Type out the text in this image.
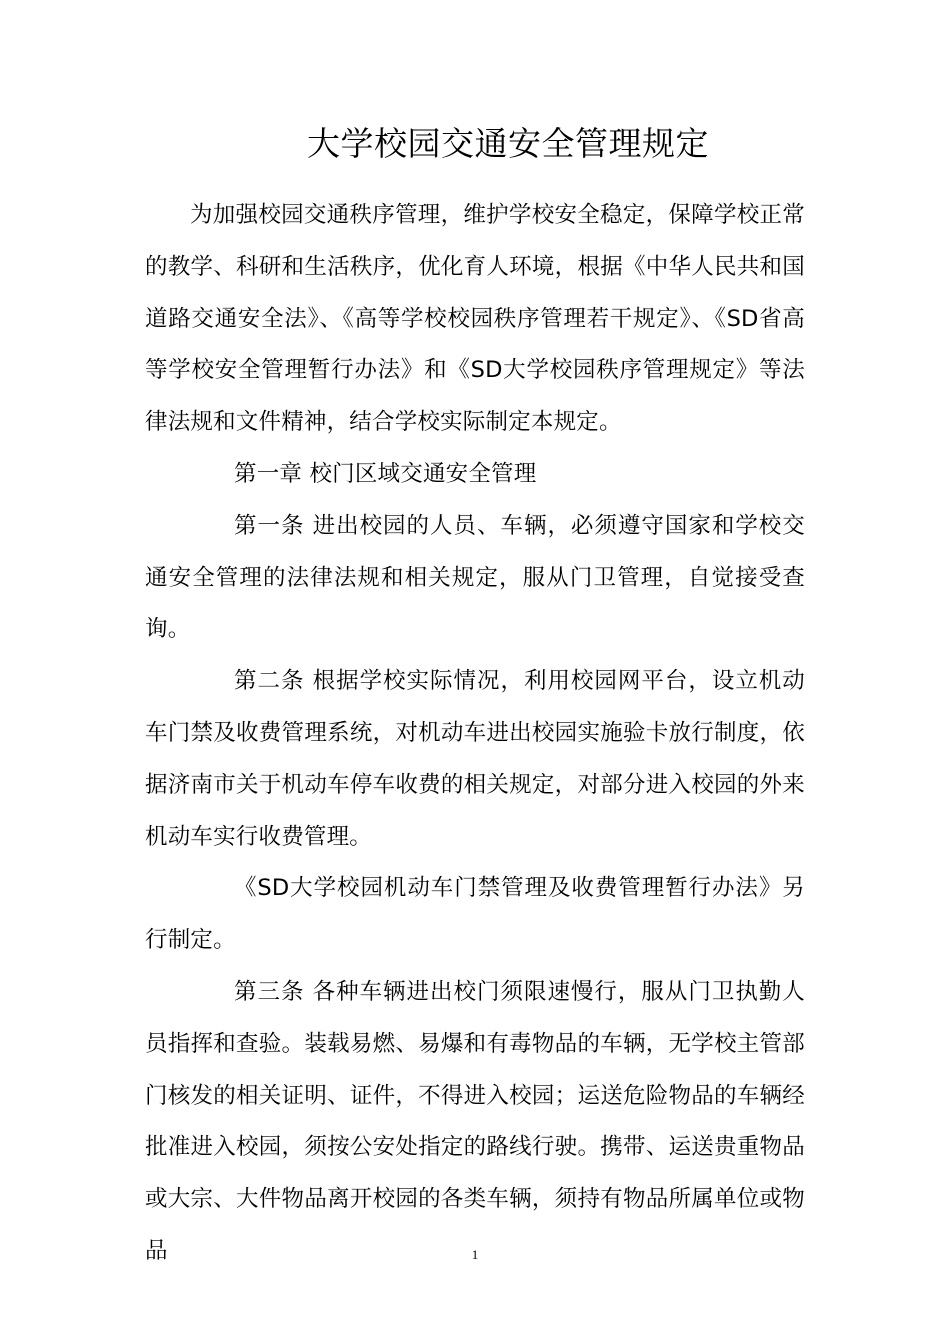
大学校园交通安全管理规定

为加强校园交通秩序管理，维护学校安全稳定，保障学校正常的教学、科研和生活秩序，优化育人环境，根据《中华人民共和国道路交通安全法》、《高等学校校园秩序管理若干规定》、《SD省高等学校安全管理暂行办法》和《SD大学校园秩序管理规定》等法律法规和文件精神，结合学校实际制定本规定。

第一章 校门区域交通安全管理

第一条 进出校园的人员、车辆，必须遵守国家和学校交通安全管理的法律法规和相关规定，服从门卫管理，自觉接受查询。

第二条 根据学校实际情况，利用校园网平台，设立机动车门禁及收费管理系统，对机动车进出校园实施验卡放行制度，依据济南市关于机动车停车收费的相关规定，对部分进入校园的外来机动车实行收费管理。

《SD大学校园机动车门禁管理及收费管理暂行办法》另行制定。

第三条 各种车辆进出校门须限速慢行，服从门卫执勤人员指挥和查验。装载易燃、易爆和有毒物品的车辆，无学校主管部门核发的相关证明、证件，不得进入校园；运送危险物品的车辆经批准进入校园，须按公安处指定的路线行驶。携带、运送贵重物品或大宗、大件物品离开校园的各类车辆，须持有物品所属单位或物品	1
